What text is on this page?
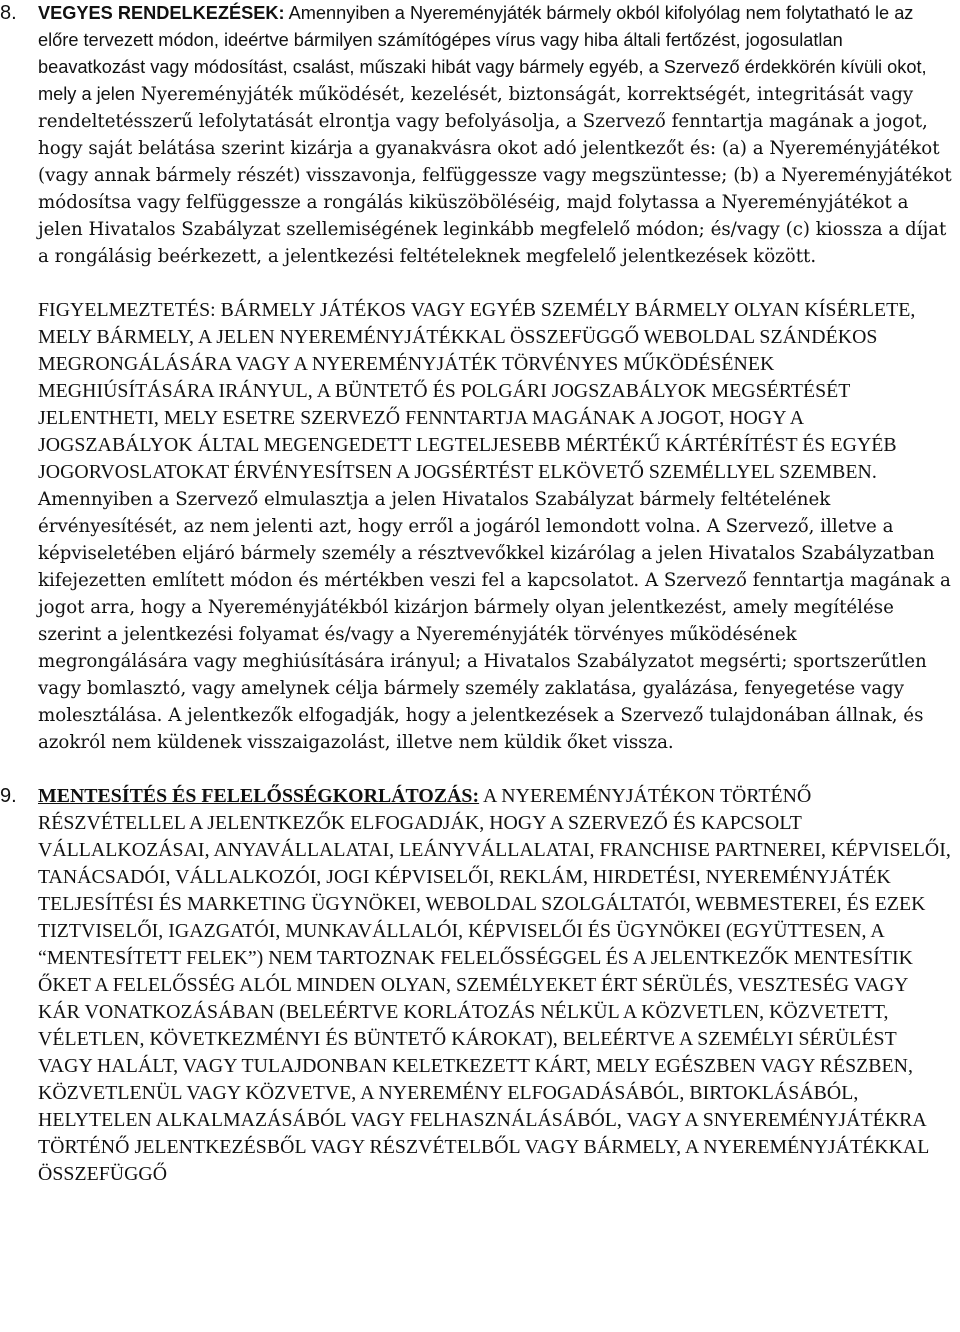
8. VEGYES RENDELKEZÉSEK: Amennyiben a Nyereményjáték bármely okból kifolyólag nem folytatható le az előre tervezett módon, ideértve bármilyen számítógépes vírus vagy hiba általi fertőzést, jogosulatlan beavatkozást vagy módosítást, csalást, műszaki hibát vagy bármely egyéb, a Szervező érdekkörén kívüli okot, mely a jelen Nyereményjáték működését, kezelését, biztonságát, korrektségét, integritását vagy rendeltetésszerű lefolytatását elrontja vagy befolyásolja, a Szervező fenntartja magának a jogot, hogy saját belátása szerint kizárja a gyanakvásra okot adó jelentkezőt és: (a) a Nyereményjátékot (vagy annak bármely részét) visszavonja, felfüggessze vagy megszüntesse; (b) a Nyereményjátékot módosítsa vagy felfüggessze a rongálás kiküszöböléséig, majd folytassa a Nyereményjátékot a jelen Hivatalos Szabályzat szellemiségének leginkább megfelelő módon; és/vagy (c) kiossza a díjat a rongálásig beérkezett, a jelentkezési feltételeknek megfelelő jelentkezések között.

FIGYELMEZTETÉS: BÁRMELY JÁTÉKOS VAGY EGYÉB SZEMÉLY BÁRMELY OLYAN KÍSÉRLETE, MELY BÁRMELY, A JELEN NYEREMÉNYJÁTÉKKAL ÖSSZEFÜGGŐ WEBOLDAL SZÁNDÉKOS MEGRONGÁLÁSÁRA VAGY A NYEREMÉNYJÁTÉK TÖRVÉNYES MŰKÖDÉSÉNEK MEGHIÚSÍTÁSÁRA IRÁNYUL, A BÜNTETŐ ÉS POLGÁRI JOGSZABÁLYOK MEGSÉRTÉSÉT JELENTHETI, MELY ESETRE SZERVEZŐ FENNTARTJA MAGÁNAK A JOGOT, HOGY A JOGSZABÁLYOK ÁLTAL MEGENGEDETT LEGTELJESEBB MÉRTÉKŰ KÁRTÉRÍTÉST ÉS EGYÉB JOGORVOSLATOKAT ÉRVÉNYESÍTSEN A JOGSÉRTÉST ELKÖVETŐ SZEMÉLLYEL SZEMBEN. Amennyiben a Szervező elmulasztja a jelen Hivatalos Szabályzat bármely feltételének érvényesítését, az nem jelenti azt, hogy erről a jogáról lemondott volna. A Szervező, illetve a képviseletében eljáró bármely személy a résztvevőkkel kizárólag a jelen Hivatalos Szabályzatban kifejezetten említett módon és mértékben veszi fel a kapcsolatot. A Szervező fenntartja magának a jogot arra, hogy a Nyereményjátékból kizárjon bármely olyan jelentkezést, amely megítélése szerint a jelentkezési folyamat és/vagy a Nyereményjáték törvényes működésének megrongálására vagy meghiúsítására irányul; a Hivatalos Szabályzatot megsérti; sportszerűtlen vagy bomlasztó, vagy amelynek célja bármely személy zaklatása, gyalázása, fenyegetése vagy molesztálása. A jelentkezők elfogadják, hogy a jelentkezések a Szervező tulajdonában állnak, és azokról nem küldenek visszaigazolást, illetve nem küldik őket vissza.

9. MENTESÍTÉS ÉS FELELŐSSÉGKORLÁTOZÁS: A NYEREMÉNYJÁTÉKON TÖRTÉNŐ RÉSZVÉTELLEL A JELENTKEZŐK ELFOGADJÁK, HOGY A SZERVEZŐ ÉS KAPCSOLT VÁLLALKOZÁSAI, ANYAVÁLLALATAI, LEÁNYVÁLLALATAI, FRANCHISE PARTNEREI, KÉPVISELŐI, TANÁCSADÓI, VÁLLALKOZÓI, JOGI KÉPVISELŐI, REKLÁM, HIRDETÉSI, NYEREMÉNYJÁTÉK TELJESÍTÉSI ÉS MARKETING ÜGYNÖKEI, WEBOLDAL SZOLGÁLTATÓI, WEBMESTEREI, ÉS EZEK TIZTVISELŐI, IGAZGATÓI, MUNKAVÁLLALÓI, KÉPVISELŐI ÉS ÜGYNÖKEI (EGYÜTTESEN, A “MENTESÍTETT FELEK”) NEM TARTOZNAK FELELŐSSÉGGEL ÉS A JELENTKEZŐK MENTESÍTIK ŐKET A FELELŐSSÉG ALÓL MINDEN OLYAN, SZEMÉLYEKET ÉRT SÉRÜLÉS, VESZTESÉG VAGY KÁR VONATKOZÁSÁBAN (BELEÉRTVE KORLÁTOZÁS NÉLKÜL A KÖZVETLEN, KÖZVETETT, VÉLETLEN, KÖVETKEZMÉNYI ÉS BÜNTETŐ KÁROKAT), BELEÉRTVE A SZEMÉLYI SÉRÜLÉST VAGY HALÁLT, VAGY TULAJDONBAN KELETKEZETT KÁRT, MELY EGÉSZBEN VAGY RÉSZBEN, KÖZVETLENÜL VAGY KÖZVETVE, A NYEREMÉNY ELFOGADÁSÁBÓL, BIRTOKLÁSÁBÓL, HELYTELEN ALKALMAZÁSÁBÓL VAGY FELHASZNÁLÁSÁBÓL, VAGY A SNYEREMÉNYJÁTÉKRA TÖRTÉNŐ JELENTKEZÉSBŐL VAGY RÉSZVÉTELBŐL VAGY BÁRMELY, A NYEREMÉNYJÁTÉKKAL ÖSSZEFÜGGŐ
